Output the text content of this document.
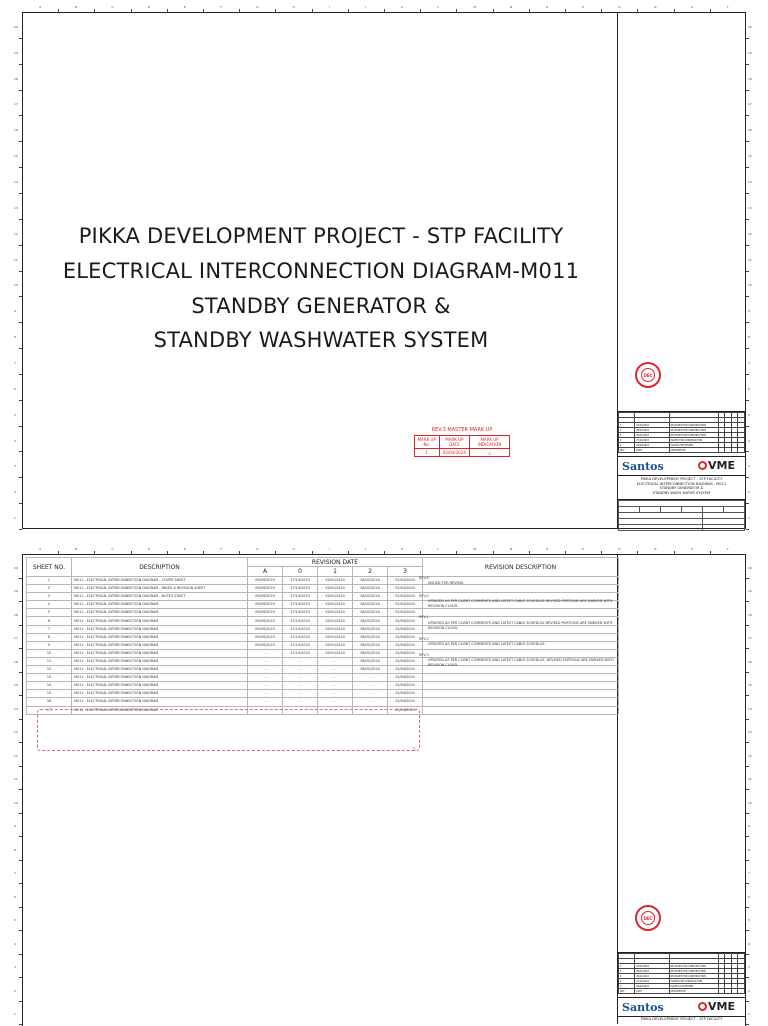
A	B	C	D	E	F	G	H	I	J	K	L	M	N	O	P	Q	R	S	T
PIKKA DEVELOPMENT PROJECT - STP FACILITY
ELECTRICAL INTERCONNECTION DIAGRAM-M011
STANDBY GENERATOR &
STANDBY WASHWATER SYSTEM
REV.3 MASTER MARK UP
MARK UP No.	MARK UP DATE	MARK UP INDICATION
1	02/04/2024	△
DEC

3	02/04/2024	RE-ISSUED FOR CONSTRUCTION				
2	28/02/2024	RE-ISSUED FOR CONSTRUCTION				
1	29/01/2024	RE-ISSUED FOR CONSTRUCTION				
0	27/10/2023	ISSUED FOR CONSTRUCTION				
A	09/09/2023	ISSUED FOR REVIEW				
REV	DATE	DESCRIPTION				
Santos	VME
PIKKA DEVELOPMENT PROJECT - STP FACILITY
ELECTRICAL INTERCONNECTION DIAGRAM - M011
STANDBY GENERATOR &
STANDBY WASH WATER SYSTEM

20	20
19	19
18	18
17	17
16	16
15	15
14	14
13	13
12	12
11	11
10	10
9	9
8	8
7	7
6	6
5	5
4	4
3	3
2	2
1	1
A	B	C	D	E	F	G	H	I	J	K	L	M	N	O	P	Q	R	S	T
DEC

3	02/04/2024	RE-ISSUED FOR CONSTRUCTION				
2	28/02/2024	RE-ISSUED FOR CONSTRUCTION				
1	29/01/2024	RE-ISSUED FOR CONSTRUCTION				
0	27/10/2023	ISSUED FOR CONSTRUCTION				
A	09/09/2023	ISSUED FOR REVIEW				
REV	DATE	DESCRIPTION				
Santos	VME
PIKKA DEVELOPMENT PROJECT - STP FACILITY
20	20
19	19
18	18
17	17
16	16
15	15
14	14
13	13
12	12
11	11
10	10
9	9
8	8
7	7
6	6
5	5
4	4
3	3
2	2
1	1
SHEET NO.	DESCRIPTION	REVISION DATE					REVISION DESCRIPTION
		A	0	1	2	3	
1	M011 - ELECTRICAL INTERCONNECTION DIAGRAM - COVER SHEET	09/09/2023	27/10/2023	29/01/2024	28/02/2024	02/04/2024	
2	M011 - ELECTRICAL INTERCONNECTION DIAGRAM - INDEX & REVISION SHEET	09/09/2023	27/10/2023	29/01/2024	28/02/2024	02/04/2024	
3	M011 - ELECTRICAL INTERCONNECTION DIAGRAM - NOTES SHEET	09/09/2023	27/10/2023	29/01/2024	28/02/2024	02/04/2024	
4	M011 - ELECTRICAL INTERCONNECTION DIAGRAM	09/09/2023	27/10/2023	29/01/2024	28/02/2024	02/04/2024	
5	M011 - ELECTRICAL INTERCONNECTION DIAGRAM	09/09/2023	27/10/2023	29/01/2024	28/02/2024	02/04/2024	
6	M011 - ELECTRICAL INTERCONNECTION DIAGRAM	09/09/2023	27/10/2023	29/01/2024	28/02/2024	02/04/2024	
7	M011 - ELECTRICAL INTERCONNECTION DIAGRAM	09/09/2023	27/10/2023	29/01/2024	28/02/2024	02/04/2024	
8	M011 - ELECTRICAL INTERCONNECTION DIAGRAM	09/09/2023	27/10/2023	29/01/2024	28/02/2024	02/04/2024	
9	M011 - ELECTRICAL INTERCONNECTION DIAGRAM	09/09/2023	27/10/2023	29/01/2024	28/02/2024	02/04/2024	
10	M011 - ELECTRICAL INTERCONNECTION DIAGRAM	-	27/10/2023	29/01/2024	28/02/2024	02/04/2024	
11	M011 - ELECTRICAL INTERCONNECTION DIAGRAM	-	-	-	28/02/2024	02/04/2024	
12	M011 - ELECTRICAL INTERCONNECTION DIAGRAM	-	-	-	28/02/2024	02/04/2024	
13	M011 - ELECTRICAL INTERCONNECTION DIAGRAM	-	-	-	-	02/04/2024	
14	M011 - ELECTRICAL INTERCONNECTION DIAGRAM	-	-	-	-	02/04/2024	
15	M011 - ELECTRICAL INTERCONNECTION DIAGRAM	-	-	-	-	02/04/2024	
16	M011 - ELECTRICAL INTERCONNECTION DIAGRAM	-	-	-	-	02/04/2024	
17	M011 - ELECTRICAL INTERCONNECTION DIAGRAM	-	-	-	-	02/04/2024	
REV.A
ISSUED FOR REVIEW.
REV.0
UPDATED AS PER CLIENT COMMENTS AND LATEST CABLE SCHEDULE.REVISED PORTIONS ARE MARKED WITH REVISION CLOUD.
REV.1
UPDATED AS PER CLIENT COMMENTS AND LATEST CABLE SCHEDULE.REVISED PORTIONS ARE MARKED WITH REVISION CLOUD.
REV.2
UPDATED AS PER CLIENT COMMENTS AND LATEST CABLE SCHEDULE.
REV.3
UPDATED AS PER CLIENT COMMENTS AND LATEST CABLE SCHEDULE, REVISED PORTIONS ARE MARKED WITH REVISION CLOUD.
△
